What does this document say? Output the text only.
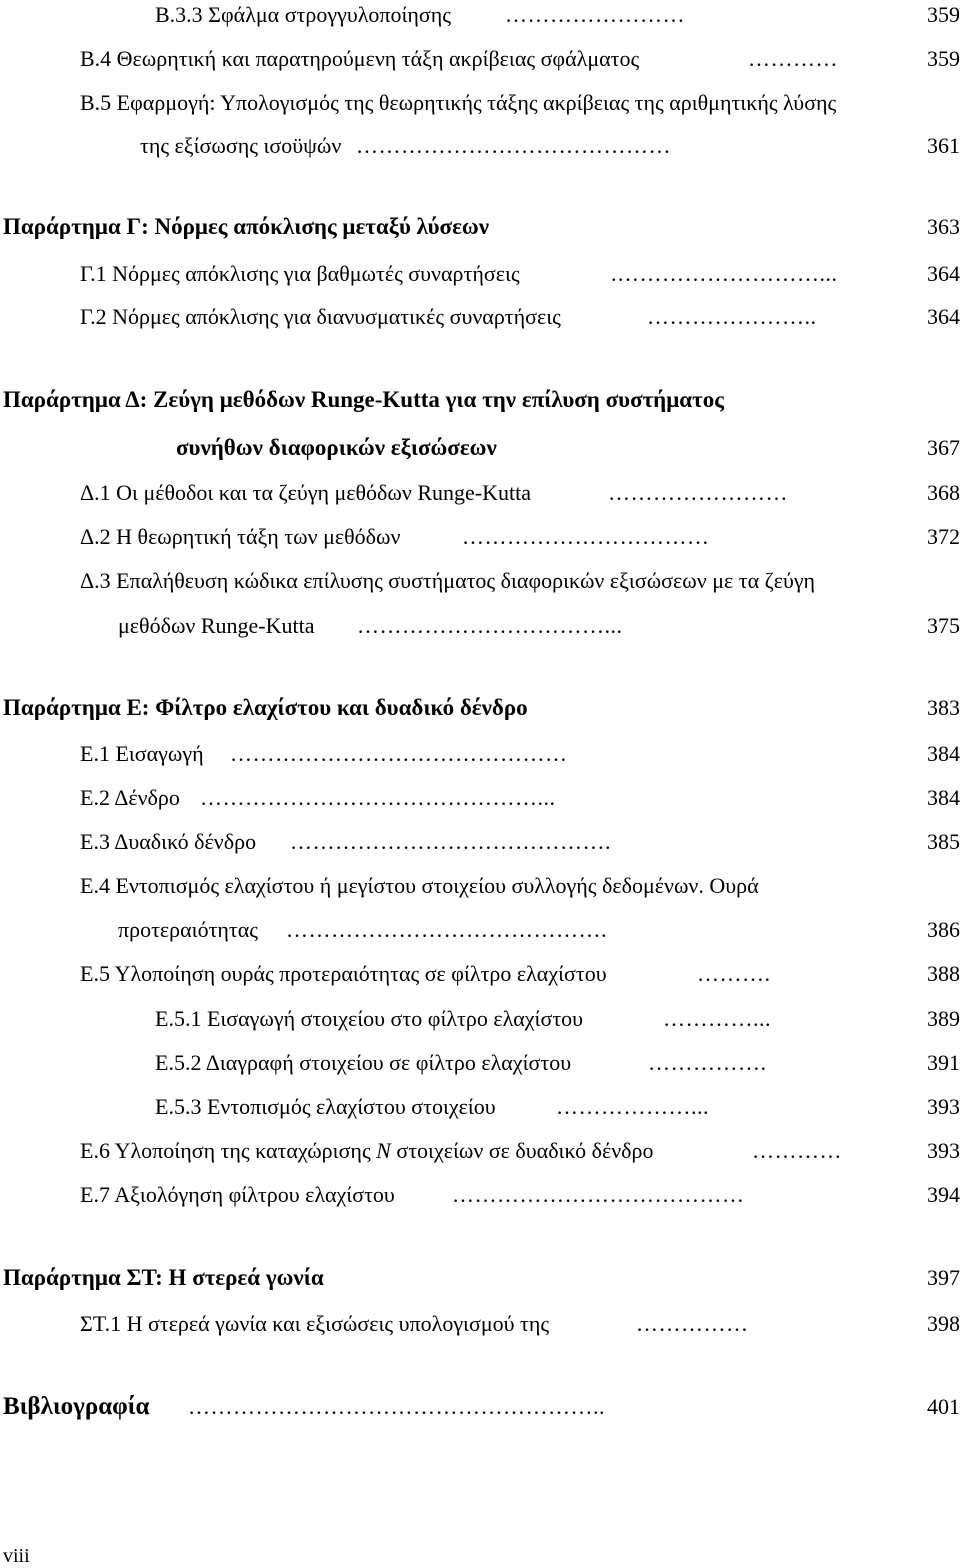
Β.3.3 Σφάλμα στρογγυλοποίησης ……………………	359
Β.4 Θεωρητική και παρατηρούμενη τάξη ακρίβειας σφάλματος	…………	359
Β.5 Εφαρμογή: Υπολογισμός της θεωρητικής τάξης ακρίβειας της αριθμητικής λύσης
της εξίσωσης ισοϋψών ……………………………………	361
Παράρτημα Γ: Νόρμες απόκλισης μεταξύ λύσεων	363
Γ.1 Νόρμες απόκλισης για βαθμωτές συναρτήσεις	.………………………...	364
Γ.2 Νόρμες απόκλισης για διανυσματικές συναρτήσεις	…………………..	364
Παράρτημα Δ: Ζεύγη μεθόδων Runge-Kutta για την επίλυση συστήματος
συνήθων διαφορικών εξισώσεων	367
Δ.1 Οι μέθοδοι και τα ζεύγη μεθόδων Runge-Kutta	……………………	368
Δ.2 Η θεωρητική τάξη των μεθόδων	……………………………	372
Δ.3 Επαλήθευση κώδικα επίλυσης συστήματος διαφορικών εξισώσεων με τα ζεύγη
μεθόδων Runge-Kutta ……………………………...	375
Παράρτημα Ε: Φίλτρο ελαχίστου και δυαδικό δένδρο	383
Ε.1 Εισαγωγή ………………………………………	384
Ε.2 Δένδρο ………………………………………...	384
Ε.3 Δυαδικό δένδρο …………………………………….	385
Ε.4 Εντοπισμός ελαχίστου ή μεγίστου στοιχείου συλλογής δεδομένων. Ουρά
προτεραιότητας …………………………………….	386
Ε.5 Υλοποίηση ουράς προτεραιότητας σε φίλτρο ελαχίστου	……….	388
Ε.5.1 Εισαγωγή στοιχείου στο φίλτρο ελαχίστου	…………...	389
Ε.5.2 Διαγραφή στοιχείου σε φίλτρο ελαχίστου	…………….	391
Ε.5.3 Εντοπισμός ελαχίστου στοιχείου	………………...	393
Ε.6 Υλοποίηση της καταχώρισης Ν στοιχείων σε δυαδικό δένδρο	…………	393
Ε.7 Αξιολόγηση φίλτρου ελαχίστου	…………………………………	394
Παράρτημα ΣΤ: Η στερεά γωνία	397
ΣΤ.1 Η στερεά γωνία και εξισώσεις υπολογισμού της	……………	398
Βιβλιογραφία ………………………………………………..	401
viii
